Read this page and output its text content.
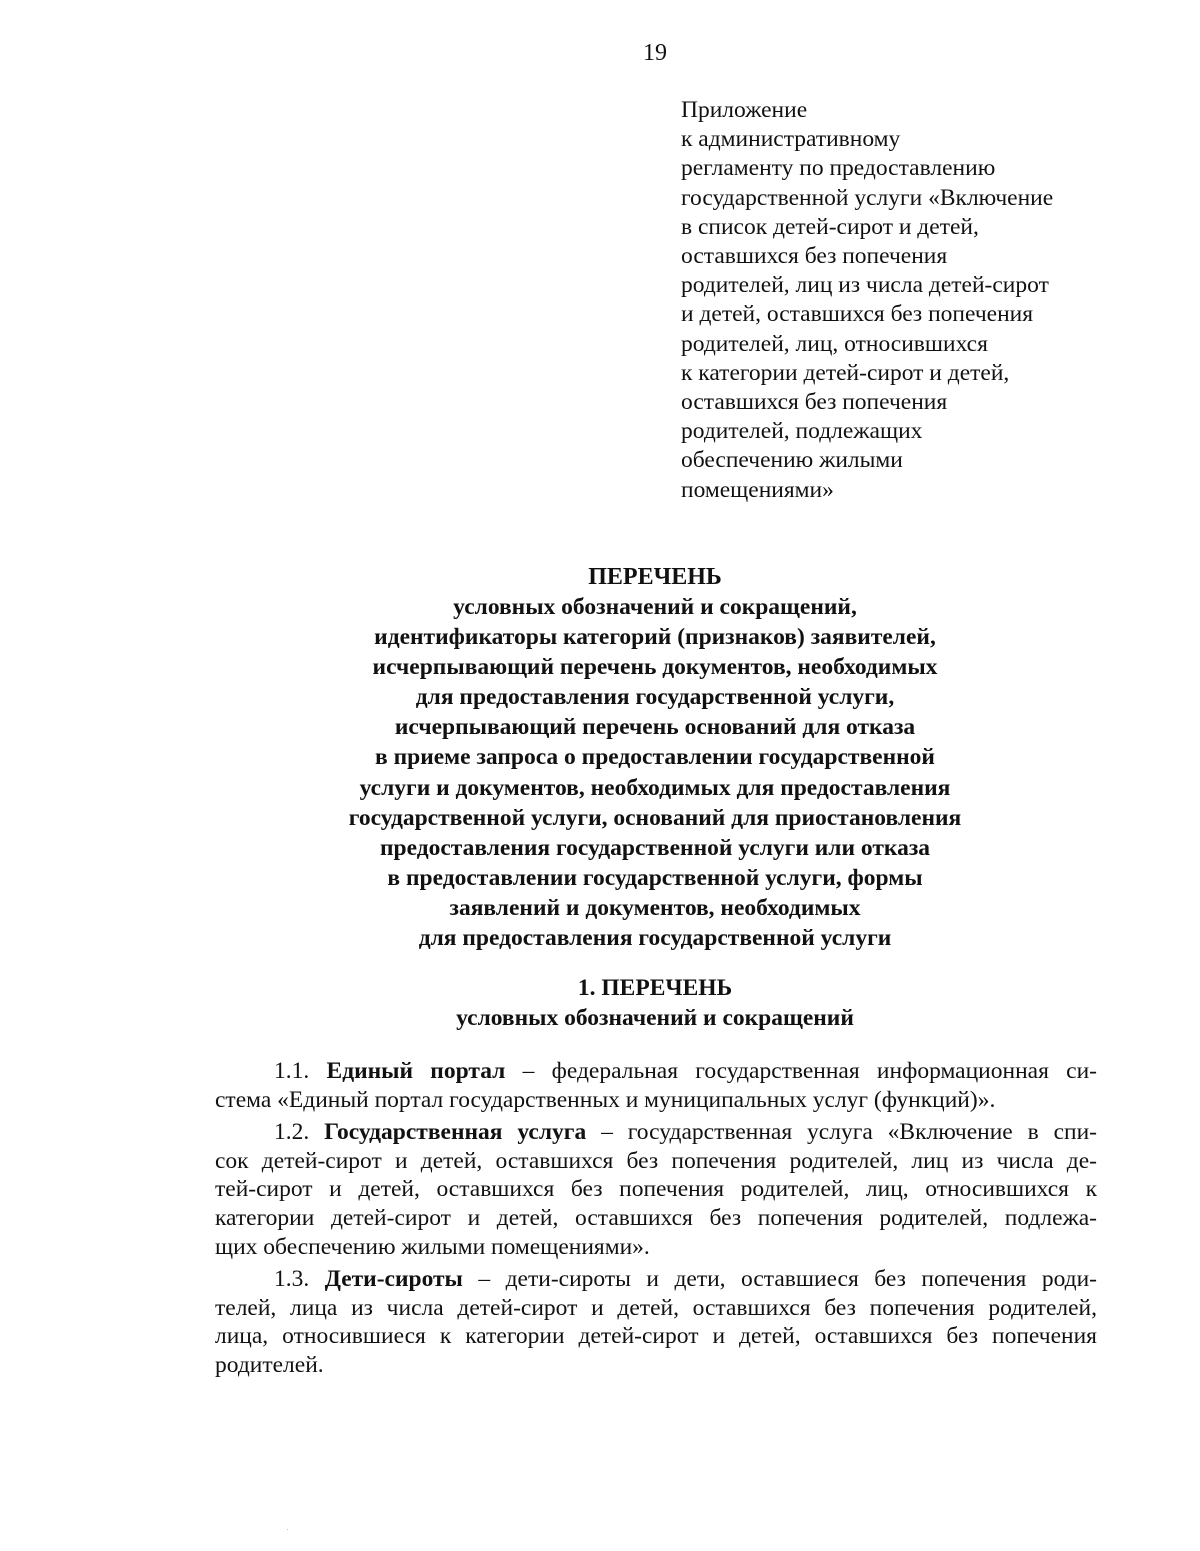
19
Приложение
к административному
регламенту по предоставлению
государственной услуги «Включение
в список детей-сирот и детей,
оставшихся без попечения
родителей, лиц из числа детей-сирот
и детей, оставшихся без попечения
родителей, лиц, относившихся
к категории детей-сирот и детей,
оставшихся без попечения
родителей, подлежащих
обеспечению жилыми
помещениями»
ПЕРЕЧЕНЬ
условных обозначений и сокращений,
идентификаторы категорий (признаков) заявителей,
исчерпывающий перечень документов, необходимых
для предоставления государственной услуги,
исчерпывающий перечень оснований для отказа
в приеме запроса о предоставлении государственной
услуги и документов, необходимых для предоставления
государственной услуги, оснований для приостановления
предоставления государственной услуги или отказа
в предоставлении государственной услуги, формы
заявлений и документов, необходимых
для предоставления государственной услуги
1. ПЕРЕЧЕНЬ
условных обозначений и сокращений
1.1. Единый портал – федеральная государственная информационная си-
стема «Единый портал государственных и муниципальных услуг (функций)».
1.2. Государственная услуга – государственная услуга «Включение в спи-
сок детей-сирот и детей, оставшихся без попечения родителей, лиц из числа де-
тей-сирот и детей, оставшихся без попечения родителей, лиц, относившихся к
категории детей-сирот и детей, оставшихся без попечения родителей, подлежа-
щих обеспечению жилыми помещениями».
1.3. Дети-сироты – дети-сироты и дети, оставшиеся без попечения роди-
телей, лица из числа детей-сирот и детей, оставшихся без попечения родителей,
лица, относившиеся к категории детей-сирот и детей, оставшихся без попечения
родителей.
